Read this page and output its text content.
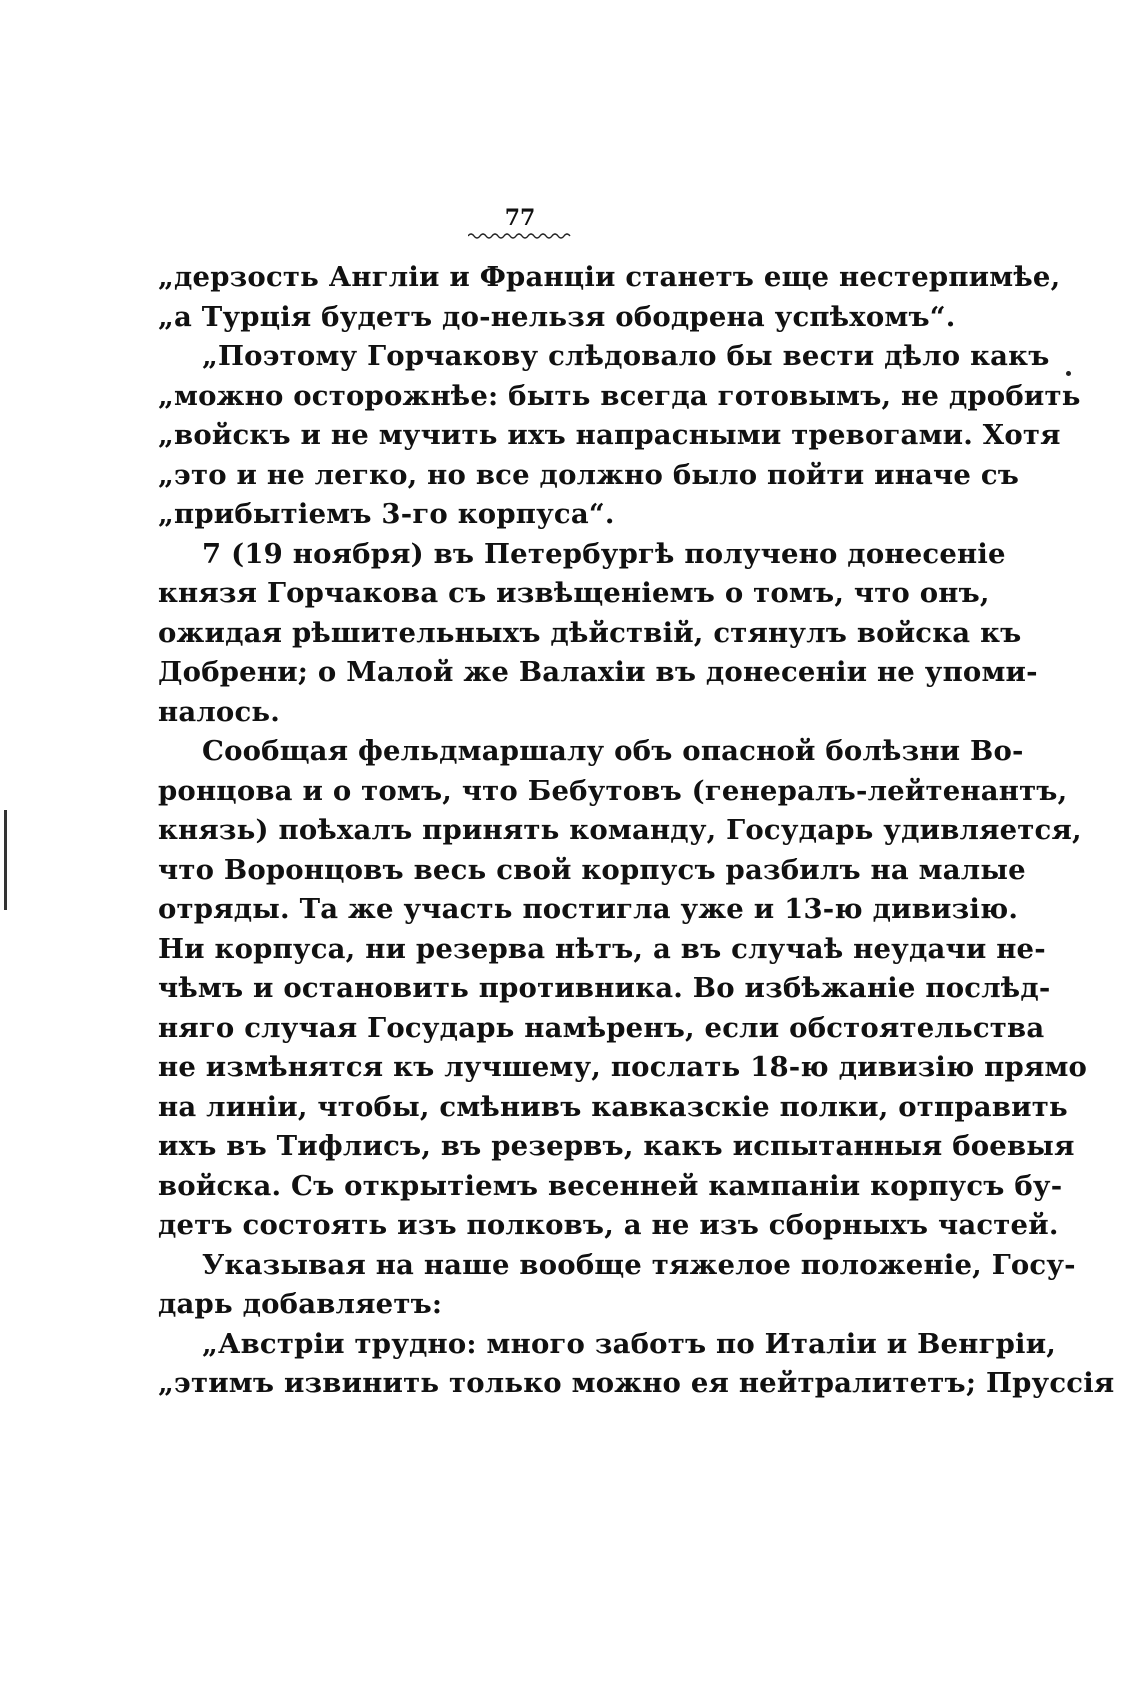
77
„дерзость Англіи и Франціи станетъ еще нестерпимѣе,
„а Турція будетъ до-нельзя ободрена успѣхомъ“.
„Поэтому Горчакову слѣдовало бы вести дѣло какъ
„можно осторожнѣе: быть всегда готовымъ, не дробить
„войскъ и не мучить ихъ напрасными тревогами. Хотя
„это и не легко, но все должно было пойти иначе съ
„прибытіемъ 3-го корпуса“.
7 (19 ноября) въ Петербургѣ получено донесеніе
князя Горчакова съ извѣщеніемъ о томъ, что онъ,
ожидая рѣшительныхъ дѣйствій, стянулъ войска къ
Добрени; о Малой же Валахіи въ донесеніи не упоми-
налось.
Сообщая фельдмаршалу объ опасной болѣзни Во-
ронцова и о томъ, что Бебутовъ (генералъ-лейтенантъ,
князь) поѣхалъ принять команду, Государь удивляется,
что Воронцовъ весь свой корпусъ разбилъ на малые
отряды. Та же участь постигла уже и 13-ю дивизію.
Ни корпуса, ни резерва нѣтъ, а въ случаѣ неудачи не-
чѣмъ и остановить противника. Во избѣжаніе послѣд-
няго случая Государь намѣренъ, если обстоятельства
не измѣнятся къ лучшему, послать 18-ю дивизію прямо
на линіи, чтобы, смѣнивъ кавказскіе полки, отправить
ихъ въ Тифлисъ, въ резервъ, какъ испытанныя боевыя
войска. Съ открытіемъ весенней кампаніи корпусъ бу-
детъ состоять изъ полковъ, а не изъ сборныхъ частей.
Указывая на наше вообще тяжелое положеніе, Госу-
дарь добавляетъ:
„Австріи трудно: много заботъ по Италіи и Венгріи,
„этимъ извинить только можно ея нейтралитетъ; Пруссія
